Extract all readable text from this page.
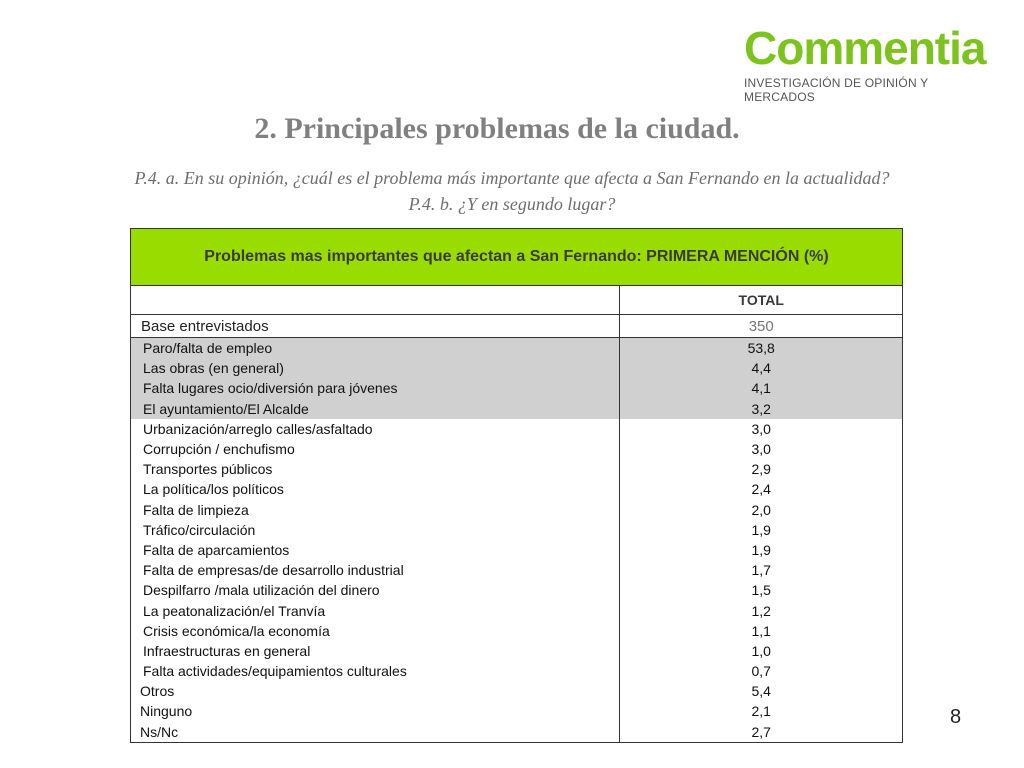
Commentia
INVESTIGACIÓN DE OPINIÓN Y MERCADOS
2. Principales problemas de la ciudad.
P.4. a. En su opinión, ¿cuál es el problema más importante que afecta a San Fernando en la actualidad?
P.4. b. ¿Y en segundo lugar?
Problemas mas importantes que afectan a San Fernando: PRIMERA MENCIÓN (%)	
	TOTAL
Base entrevistados	350
Paro/falta de empleo	53,8
Las obras (en general)	4,4
Falta lugares ocio/diversión para jóvenes	4,1
El ayuntamiento/El Alcalde	3,2
Urbanización/arreglo calles/asfaltado	3,0
Corrupción / enchufismo	3,0
Transportes públicos	2,9
La política/los políticos	2,4
Falta de limpieza	2,0
Tráfico/circulación	1,9
Falta de aparcamientos	1,9
Falta de empresas/de desarrollo industrial	1,7
Despilfarro /mala utilización del dinero	1,5
La peatonalización/el Tranvía	1,2
Crisis económica/la economía	1,1
Infraestructuras en general	1,0
Falta actividades/equipamientos culturales	0,7
Otros	5,4
Ninguno	2,1
Ns/Nc	2,7
8
